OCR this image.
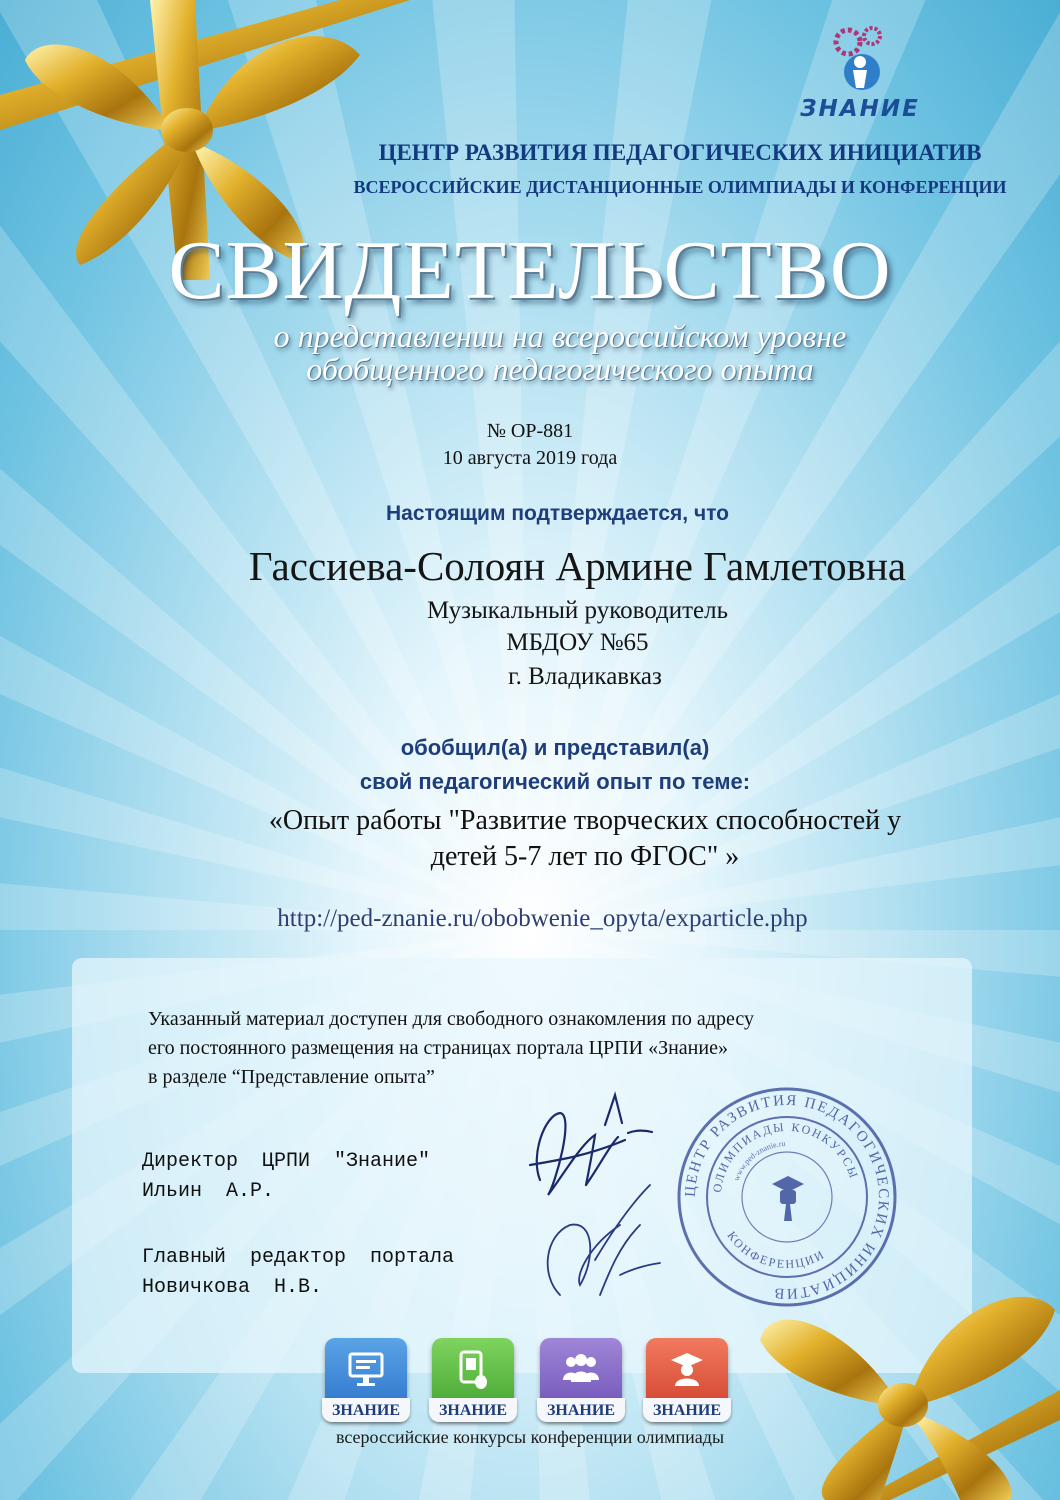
ЗНАНИЕ
ЦЕНТР РАЗВИТИЯ ПЕДАГОГИЧЕСКИХ ИНИЦИАТИВ
ВСЕРОССИЙСКИЕ ДИСТАНЦИОННЫЕ ОЛИМПИАДЫ И КОНФЕРЕНЦИИ
СВИДЕТЕЛЬСТВО
о представлении на всероссийском уровне
обобщенного педагогического опыта
№ ОР-881
10 августа 2019 года
Настоящим подтверждается, что
Гассиева-Солоян Армине Гамлетовна
Музыкальный руководитель
МБДОУ №65
г. Владикавказ
обобщил(а) и представил(а)
свой педагогический опыт по теме:
«Опыт работы "Развитие творческих способностей у
детей 5-7 лет по ФГОС" »
http://ped-znanie.ru/obobwenie_opyta/exparticle.php
Указанный материал доступен для свободного ознакомления по адресу
его постоянного размещения на страницах портала ЦРПИ «Знание»
в разделе “Представление опыта”
Директор  ЦРПИ  "Знание"
Ильин  А.Р.
Главный  редактор  портала
Новичкова  Н.В.
ЦЕНТР РАЗВИТИЯ ПЕДАГОГИЧЕСКИХ ИНИЦИАТИВ
КОНКУРСЫ
ОЛИМПИАДЫ
КОНФЕРЕНЦИИ
www.ped-znanie.ru
ЗНАНИЕ	ЗНАНИЕ	ЗНАНИЕ	ЗНАНИЕ
всероссийские конкурсы конференции олимпиады
